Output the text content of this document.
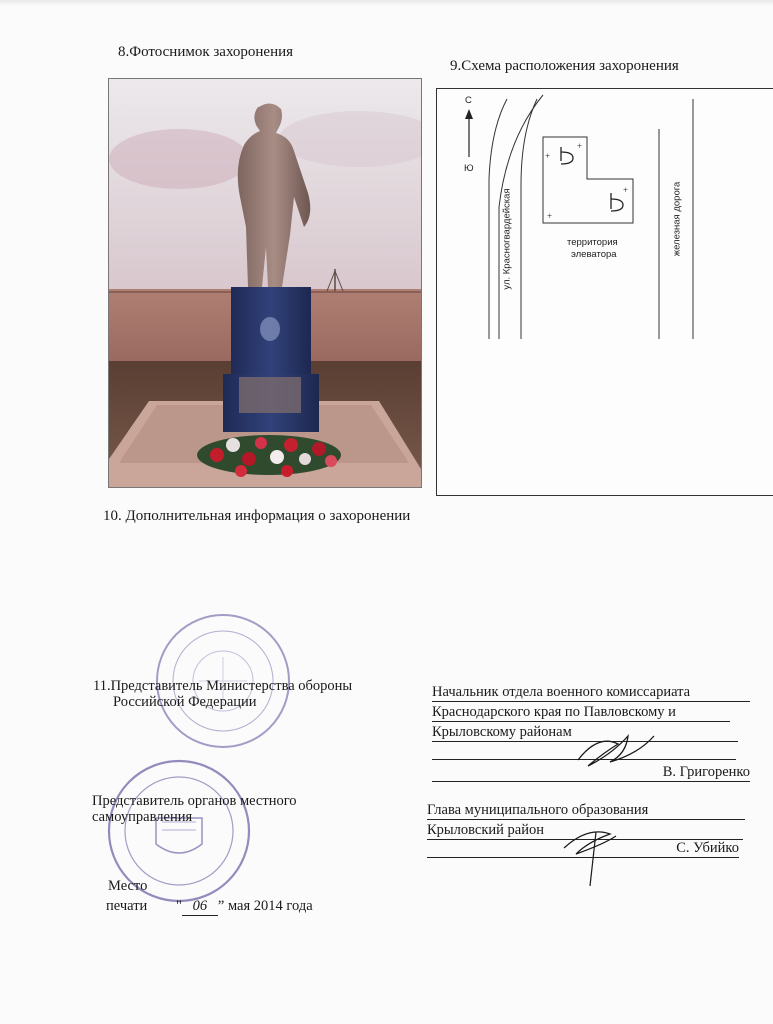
8.Фотоснимок захоронения
9.Схема расположения захоронения
+
+
+
+
С
Ю
ул. Красногвардейская	территория
элеватора	железная дорога
10. Дополнительная информация о захоронении
11.Представитель Министерства обороны
Российской Федерации
Начальник отдела военного комиссариата
Краснодарского края по Павловскому и
Крыловскому районам
В. Григоренко
Представитель органов местного
самоуправления	Глава муниципального образования
Крыловский район
С. Убийко
Место
печати " 06 ” мая 2014 года
